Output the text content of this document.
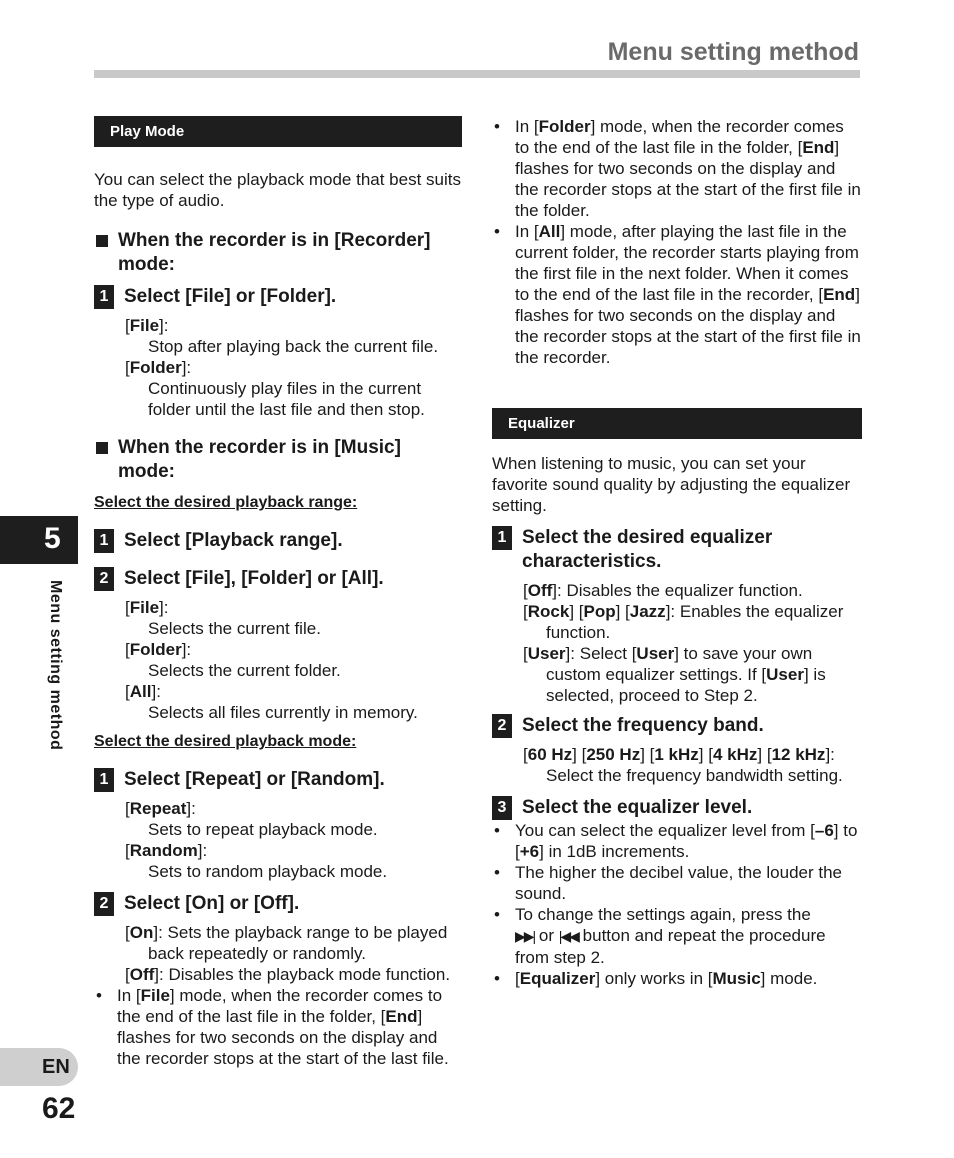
Menu setting method
5
Menu setting method
EN
62
Play Mode

You can select the playback mode that best suits the type of audio.

When the recorder is in [Recorder] mode:
1 Select [File] or [Folder].

[File]:

Stop after playing back the current file.

[Folder]:

Continuously play files in the current folder until the last file and then stop.

When the recorder is in [Music] mode:

Select the desired playback range:

1 Select [Playback range].
2 Select [File], [Folder] or [All].

[File]:

Selects the current file.

[Folder]:

Selects the current folder.

[All]:

Selects all files currently in memory.

Select the desired playback mode:

1 Select [Repeat] or [Random].

[Repeat]:

Sets to repeat playback mode.

[Random]:

Sets to random playback mode.

2 Select [On] or [Off].

[On]: Sets the playback range to be played back repeatedly or randomly.

[Off]: Disables the playback mode function.

• In [File] mode, when the recorder comes to the end of the last file in the folder, [End] flashes for two seconds on the display and the recorder stops at the start of the last file.
• In [Folder] mode, when the recorder comes to the end of the last file in the folder, [End] flashes for two seconds on the display and the recorder stops at the start of the first file in the folder.
• In [All] mode, after playing the last file in the current folder, the recorder starts playing from the first file in the next folder. When it comes to the end of the last file in the recorder, [End] flashes for two seconds on the display and the recorder stops at the start of the first file in the recorder.
Equalizer

When listening to music, you can set your favorite sound quality by adjusting the equalizer setting.

1 Select the desired equalizer characteristics.

[Off]: Disables the equalizer function.

[Rock] [Pop] [Jazz]: Enables the equalizer function.

[User]: Select [User] to save your own custom equalizer settings. If [User] is selected, proceed to Step 2.

2 Select the frequency band.

[60 Hz] [250 Hz] [1 kHz] [4 kHz] [12 kHz]: Select the frequency bandwidth setting.

3 Select the equalizer level.
• You can select the equalizer level from [–6] to [+6] in 1dB increments.
• The higher the decibel value, the louder the sound.
• To change the settings again, press the
▶▶| or |◀◀ button and repeat the procedure from step 2.
• [Equalizer] only works in [Music] mode.
